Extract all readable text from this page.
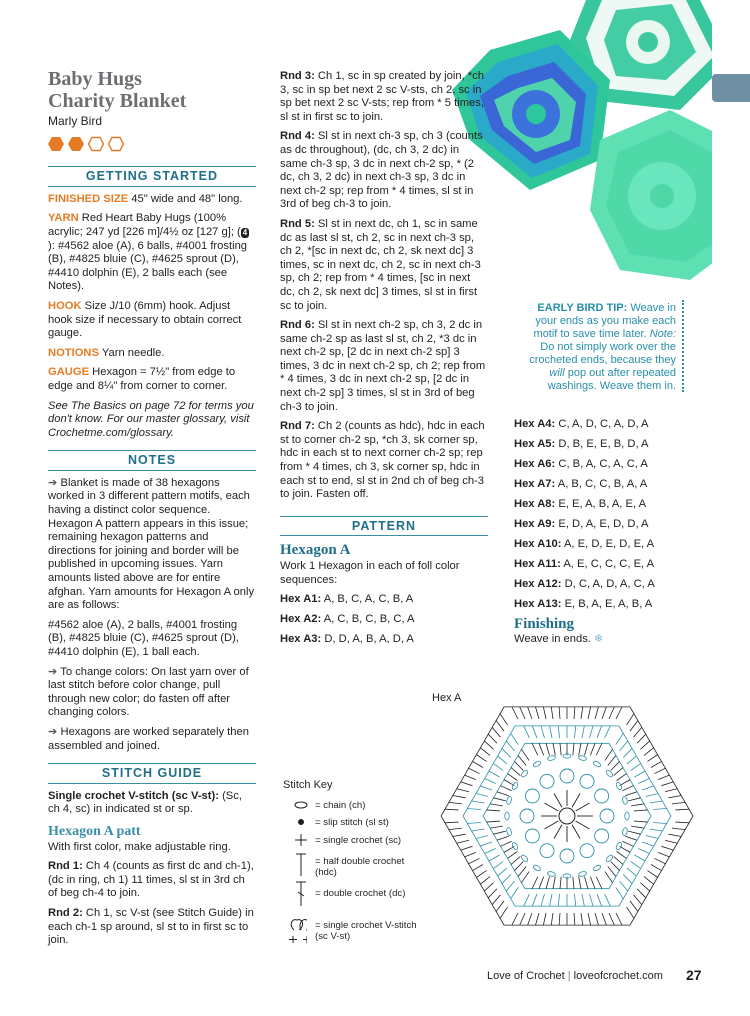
Baby Hugs
Charity Blanket
Marly Bird
GETTING STARTED
FINISHED SIZE 45" wide and 48" long.
YARN Red Heart Baby Hugs (100% acrylic; 247 yd [226 m]/4½ oz [127 g]; ( 4): #4562 aloe (A), 6 balls, #4001 frosting (B), #4825 bluie (C), #4625 sprout (D), #4410 dolphin (E), 2 balls each (see Notes).
HOOK Size J/10 (6mm) hook. Adjust hook size if necessary to obtain correct gauge.
NOTIONS Yarn needle.
GAUGE Hexagon = 7½" from edge to edge and 8¼" from corner to corner.
See The Basics on page 72 for terms you don't know. For our master glossary, visit Crochetme.com/glossary.
NOTES
➔ Blanket is made of 38 hexagons worked in 3 different pattern motifs, each having a distinct color sequence. Hexagon A pattern appears in this issue; remaining hexagon patterns and directions for joining and border will be published in upcoming issues. Yarn amounts listed above are for entire afghan. Yarn amounts for Hexagon A only are as follows:
#4562 aloe (A), 2 balls, #4001 frosting (B), #4825 bluie (C), #4625 sprout (D), #4410 dolphin (E), 1 ball each.
➔ To change colors: On last yarn over of last stitch before color change, pull through new color; do fasten off after changing colors.
➔ Hexagons are worked separately then assembled and joined.
STITCH GUIDE
Single crochet V-stitch (sc V-st): (Sc, ch 4, sc) in indicated st or sp.
Hexagon A patt
With first color, make adjustable ring.
Rnd 1: Ch 4 (counts as first dc and ch-1), (dc in ring, ch 1) 11 times, sl st in 3rd ch of beg ch-4 to join.
Rnd 2: Ch 1, sc V-st (see Stitch Guide) in each ch-1 sp around, sl st to in first sc to join.
Rnd 3: Ch 1, sc in sp created by join, *ch 3, sc in sp bet next 2 sc V-sts, ch 2, sc in sp bet next 2 sc V-sts; rep from * 5 times, sl st in first sc to join.
Rnd 4: Sl st in next ch-3 sp, ch 3 (counts as dc throughout), (dc, ch 3, 2 dc) in same ch-3 sp, 3 dc in next ch-2 sp, * (2 dc, ch 3, 2 dc) in next ch-3 sp, 3 dc in next ch-2 sp; rep from * 4 times, sl st in 3rd of beg ch-3 to join.
Rnd 5: Sl st in next dc, ch 1, sc in same dc as last sl st, ch 2, sc in next ch-3 sp, ch 2, *[sc in next dc, ch 2, sk next dc] 3 times, sc in next dc, ch 2, sc in next ch-3 sp, ch 2; rep from * 4 times, [sc in next dc, ch 2, sk next dc] 3 times, sl st in first sc to join.
Rnd 6: Sl st in next ch-2 sp, ch 3, 2 dc in same ch-2 sp as last sl st, ch 2, *3 dc in next ch-2 sp, [2 dc in next ch-2 sp] 3 times, 3 dc in next ch-2 sp, ch 2; rep from * 4 times, 3 dc in next ch-2 sp, [2 dc in next ch-2 sp] 3 times, sl st in 3rd of beg ch-3 to join.
Rnd 7: Ch 2 (counts as hdc), hdc in each st to corner ch-2 sp, *ch 3, sk corner sp, hdc in each st to next corner ch-2 sp; rep from * 4 times, ch 3, sk corner sp, hdc in each st to end, sl st in 2nd ch of beg ch-3 to join. Fasten off.
PATTERN
Hexagon A
Work 1 Hexagon in each of foll color sequences:
Hex A1: A, B, C, A, C, B, A
Hex A2: A, C, B, C, B, C, A
Hex A3: D, D, A, B, A, D, A
Hex A4: C, A, D, C, A, D, A
Hex A5: D, B, E, E, B, D, A
Hex A6: C, B, A, C, A, C, A
Hex A7: A, B, C, C, B, A, A
Hex A8: E, E, A, B, A, E, A
Hex A9: E, D, A, E, D, D, A
Hex A10: A, E, D, E, D, E, A
Hex A11: A, E, C, C, C, E, A
Hex A12: D, C, A, D, A, C, A
Hex A13: E, B, A, E, A, B, A
Finishing
Weave in ends. ❄
EARLY BIRD TIP: Weave in your ends as you make each motif to save time later. Note: Do not simply work over the crocheted ends, because they will pop out after repeated washings. Weave them in.
Hex A
Stitch Key
= chain (ch)
= slip stitch (sl st)
= single crochet (sc)
= half double crochet (hdc)
= double crochet (dc)
= single crochet V-stitch (sc V-st)
Love of Crochet | loveofcrochet.com 27
